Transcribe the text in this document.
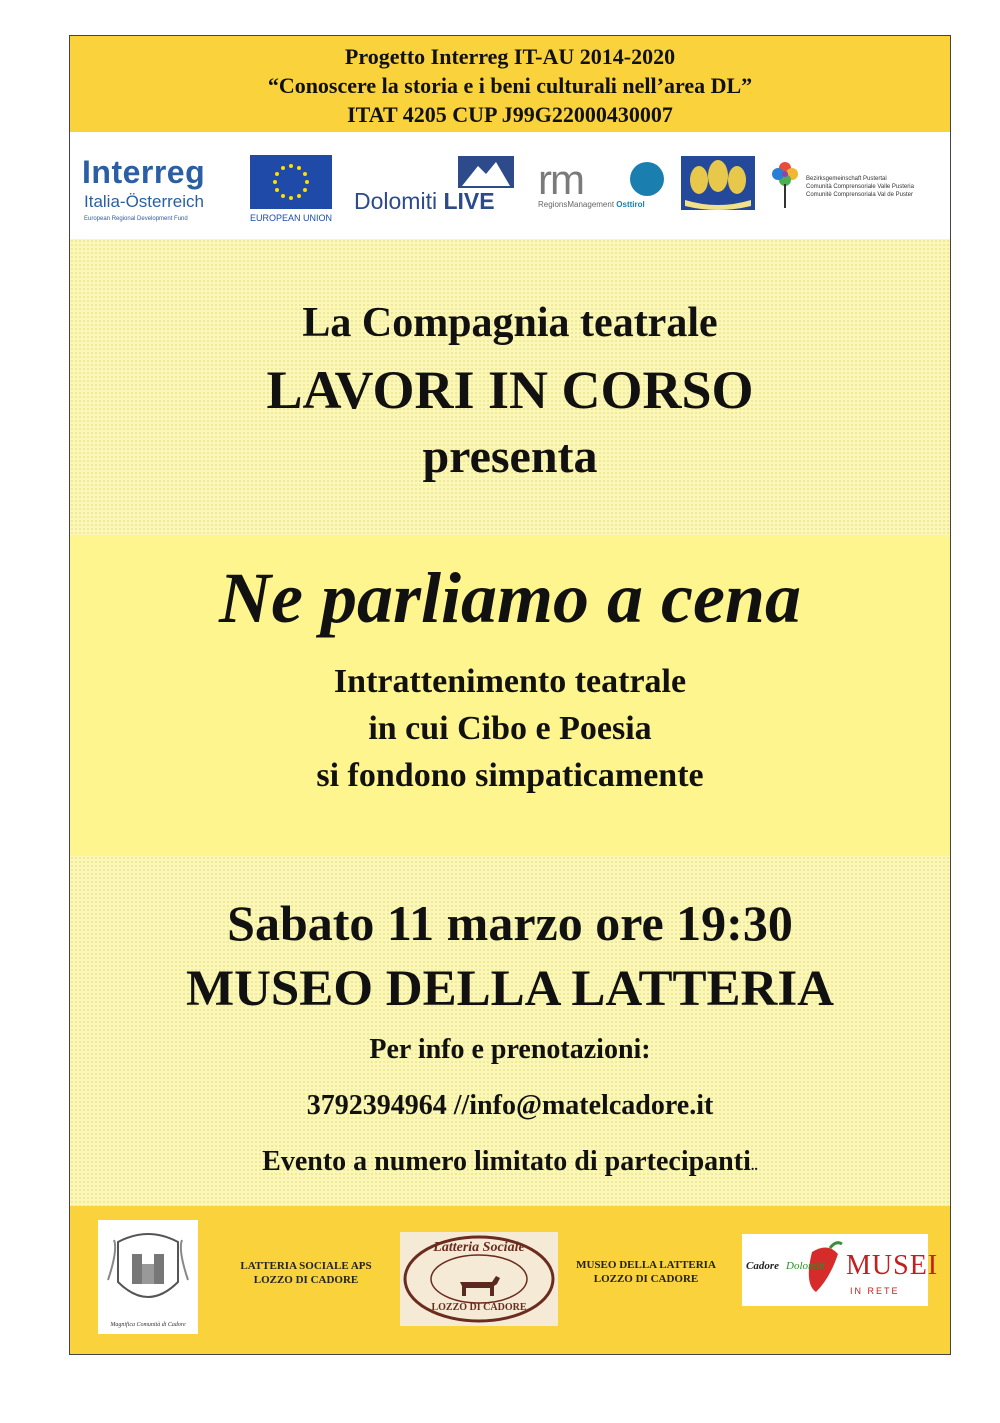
Progetto Interreg IT-AU 2014-2020
“Conoscere la storia e i beni culturali nell’area DL”
ITAT 4205 CUP J99G22000430007
Interreg
Italia-Österreich
European Regional Development Fund	EUROPEAN UNION
Dolomiti LIVE rm
RegionsManagement Osttirol
Bezirksgemeinschaft Pustertal
Comunità Comprensoriale Valle Pusteria
Comunitè Comprensoriala Val de Puster
La Compagnia teatrale
LAVORI IN CORSO
presenta
Ne parliamo a cena
Intrattenimento teatrale
in cui Cibo e Poesia
si fondono simpaticamente
Sabato 11 marzo ore 19:30
MUSEO DELLA LATTERIA
Per info e prenotazioni:
3792394964 //info@matelcadore.it
Evento a numero limitato di partecipanti..
Magnifica Comunità di Cadore
LATTERIA SOCIALE APS
LOZZO DI CADORE
Latteria Sociale
LOZZO DI CADORE
MUSEO DELLA LATTERIA
LOZZO DI CADORE
Cadore Dolomiti MUSEI
IN RETE
